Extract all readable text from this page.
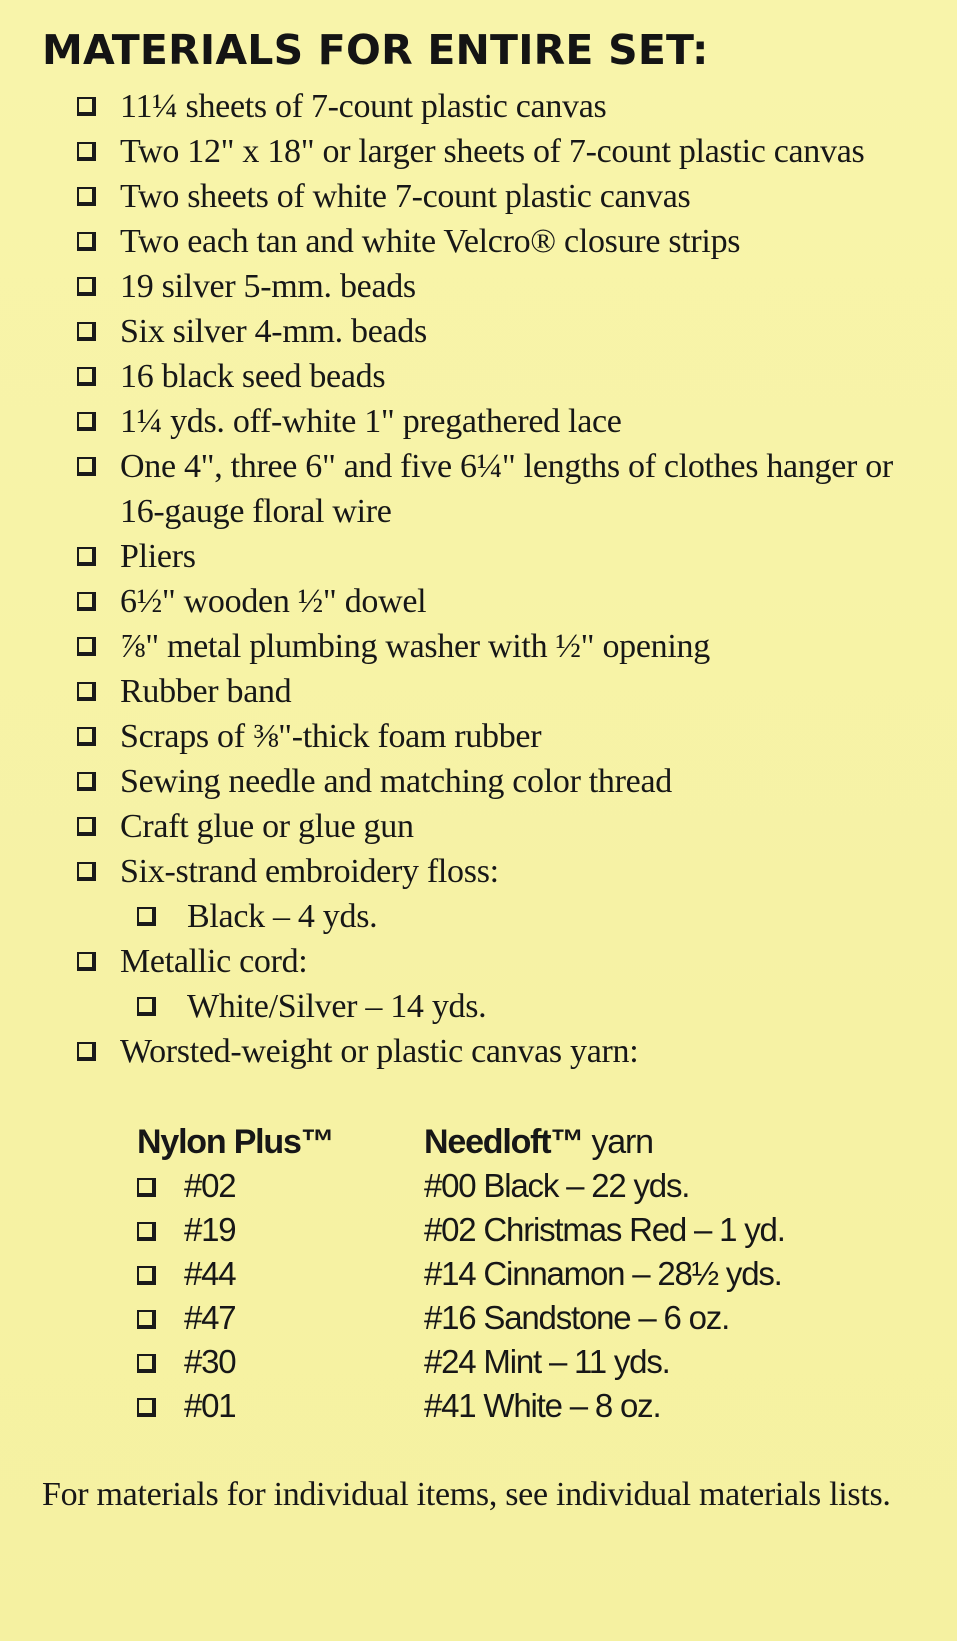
MATERIALS FOR ENTIRE SET:
11¼ sheets of 7-count plastic canvas
Two 12" x 18" or larger sheets of 7-count plastic canvas
Two sheets of white 7-count plastic canvas
Two each tan and white Velcro® closure strips
19 silver 5-mm. beads
Six silver 4-mm. beads
16 black seed beads
1¼ yds. off-white 1" pregathered lace
One 4", three 6" and five 6¼" lengths of clothes hanger or 16-gauge floral wire
Pliers
6½" wooden ½" dowel
⅞" metal plumbing washer with ½" opening
Rubber band
Scraps of ⅜"-thick foam rubber
Sewing needle and matching color thread
Craft glue or glue gun
Six-strand embroidery floss:
Black – 4 yds.
Metallic cord:
White/Silver – 14 yds.
Worsted-weight or plastic canvas yarn:
Nylon Plus™
#02
#19
#44
#47
#30
#01
Needloft™ yarn
#00 Black – 22 yds.
#02 Christmas Red – 1 yd.
#14 Cinnamon – 28½ yds.
#16 Sandstone – 6 oz.
#24 Mint – 11 yds.
#41 White – 8 oz.

For materials for individual items, see individual materials lists.
